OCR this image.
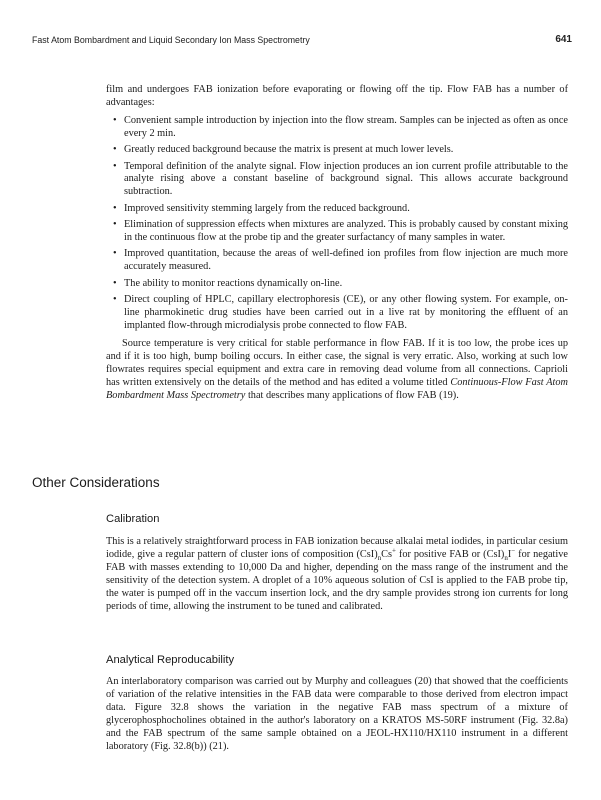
Fast Atom Bombardment and Liquid Secondary Ion Mass Spectrometry	641

film and undergoes FAB ionization before evaporating or flowing off the tip. Flow FAB has a number of advantages:

• Convenient sample introduction by injection into the flow stream. Samples can be injected as often as once every 2 min.
• Greatly reduced background because the matrix is present at much lower levels.
• Temporal definition of the analyte signal. Flow injection produces an ion current profile attributable to the analyte rising above a constant baseline of background signal. This allows accurate background subtraction.
• Improved sensitivity stemming largely from the reduced background.
• Elimination of suppression effects when mixtures are analyzed. This is probably caused by constant mixing in the continuous flow at the probe tip and the greater surfactancy of many samples in water.
• Improved quantitation, because the areas of well-defined ion profiles from flow injection are much more accurately measured.
• The ability to monitor reactions dynamically on-line.
• Direct coupling of HPLC, capillary electrophoresis (CE), or any other flowing system. For example, on-line pharmokinetic drug studies have been carried out in a live rat by monitoring the effluent of an implanted flow-through microdialysis probe connected to flow FAB.

Source temperature is very critical for stable performance in flow FAB. If it is too low, the probe ices up and if it is too high, bump boiling occurs. In either case, the signal is very erratic. Also, working at such low flowrates requires special equipment and extra care in removing dead volume from all connections. Caprioli has written extensively on the details of the method and has edited a volume titled Continuous-Flow Fast Atom Bombardment Mass Spectrometry that describes many applications of flow FAB (19).

Other Considerations
Calibration

This is a relatively straightforward process in FAB ionization because alkalai metal iodides, in particular cesium iodide, give a regular pattern of cluster ions of composition $(CsI)_nCs^+$ for positive FAB or $(CsI)_nI^-$ for negative FAB with masses extending to 10,000 Da and higher, depending on the mass range of the instrument and the sensitivity of the detection system. A droplet of a 10% aqueous solution of CsI is applied to the FAB probe tip, the water is pumped off in the vaccum insertion lock, and the dry sample provides strong ion currents for long periods of time, allowing the instrument to be tuned and calibrated.

Analytical Reproducability

An interlaboratory comparison was carried out by Murphy and colleagues (20) that showed that the coefficients of variation of the relative intensities in the FAB data were comparable to those derived from electron impact data. Figure 32.8 shows the variation in the negative FAB mass spectrum of a mixture of glycerophosphocholines obtained in the author's laboratory on a KRATOS MS-50RF instrument (Fig. 32.8a) and the FAB spectrum of the same sample obtained on a JEOL-HX110/HX110 instrument in a different laboratory (Fig. 32.8(b)) (21).
